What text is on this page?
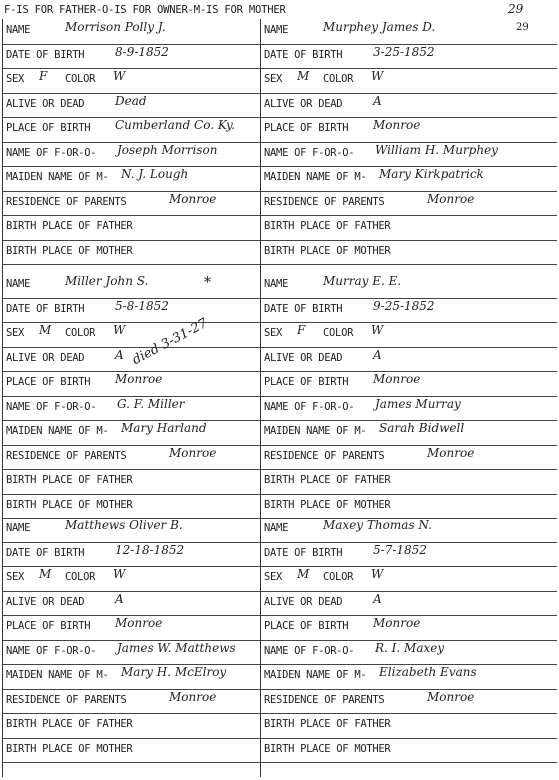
F-IS FOR FATHER-O-IS FOR OWNER-M-IS FOR MOTHER	29
29
NAME	Morrison Polly J.
DATE OF BIRTH	8-9-1852
SEX F COLOR W
ALIVE OR DEAD	Dead
PLACE OF BIRTH Cumberland Co. Ky.
NAME OF F-OR-O- Joseph Morrison
MAIDEN NAME OF M- N. J. Lough
RESIDENCE OF PARENTS	Monroe
BIRTH PLACE OF FATHER
BIRTH PLACE OF MOTHER
NAME	Miller John S.	*
DATE OF BIRTH	5-8-1852
SEX M COLOR W
ALIVE OR DEAD	A died 3-31-27
PLACE OF BIRTH Monroe
NAME OF F-OR-O- G. F. Miller
MAIDEN NAME OF M- Mary Harland
RESIDENCE OF PARENTS	Monroe
BIRTH PLACE OF FATHER
BIRTH PLACE OF MOTHER
NAME	Matthews Oliver B.
DATE OF BIRTH	12-18-1852
SEX M COLOR W
ALIVE OR DEAD	A
PLACE OF BIRTH Monroe
NAME OF F-OR-O- James W. Matthews
MAIDEN NAME OF M- Mary H. McElroy
RESIDENCE OF PARENTS	Monroe
BIRTH PLACE OF FATHER
BIRTH PLACE OF MOTHER
NAME	Murphey James D.
DATE OF BIRTH	3-25-1852
SEX M COLOR W
ALIVE OR DEAD	A
PLACE OF BIRTH Monroe
NAME OF F-OR-O- William H. Murphey
MAIDEN NAME OF M- Mary Kirkpatrick
RESIDENCE OF PARENTS	Monroe
BIRTH PLACE OF FATHER
BIRTH PLACE OF MOTHER
NAME	Murray E. E.
DATE OF BIRTH	9-25-1852
SEX F COLOR W
ALIVE OR DEAD	A
PLACE OF BIRTH Monroe
NAME OF F-OR-O- James Murray
MAIDEN NAME OF M- Sarah Bidwell
RESIDENCE OF PARENTS	Monroe
BIRTH PLACE OF FATHER
BIRTH PLACE OF MOTHER
NAME	Maxey Thomas N.
DATE OF BIRTH	5-7-1852
SEX M COLOR W
ALIVE OR DEAD	A
PLACE OF BIRTH Monroe
NAME OF F-OR-O- R. I. Maxey
MAIDEN NAME OF M- Elizabeth Evans
RESIDENCE OF PARENTS	Monroe
BIRTH PLACE OF FATHER
BIRTH PLACE OF MOTHER
